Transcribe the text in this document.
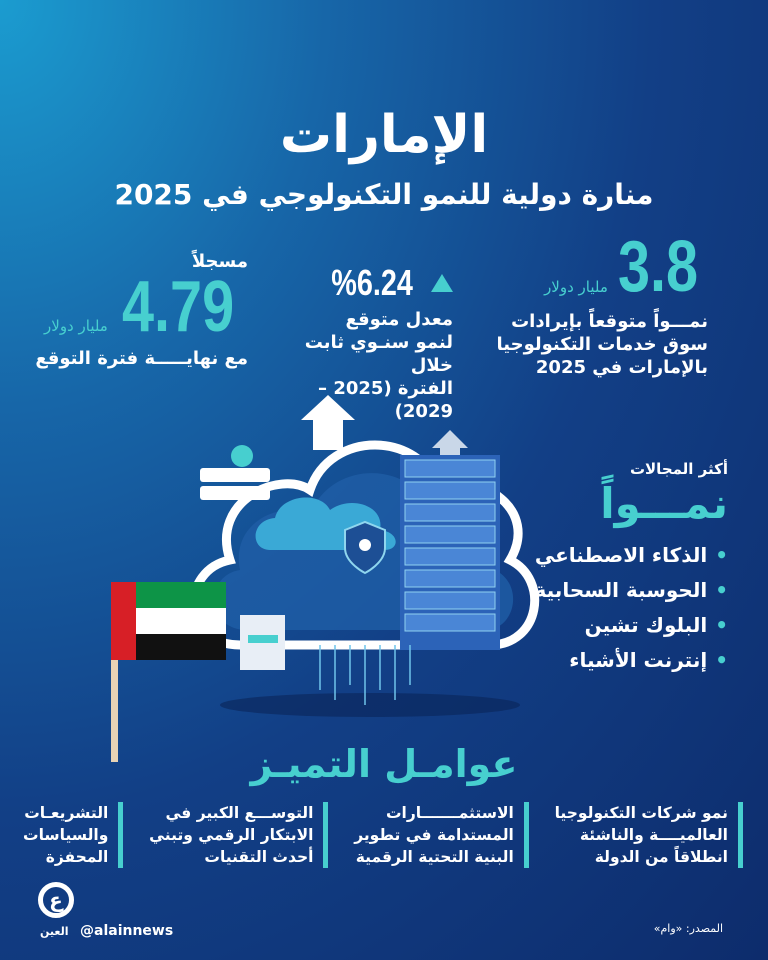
الإمارات
منارة دولية للنمو التكنولوجي في 2025
3.8
مليار دولار
نمـــواً متوقعاً بإيرادات
سوق خدمات التكنولوجيا
بالإمارات في 2025
%6.24
معدل متوقع
لنمو سنـوي ثابت خلال
الفترة (2025 – 2029)
مسجلاً
4.79
مليار دولار
مع نهايـــــة فترة التوقع
أكثر المجالات
نمـــواً
• الذكاء الاصطناعي
• الحوسبة السحابية
• البلوك تشين
• إنترنت الأشياء
عوامـل التميـز
نمو شركات التكنولوجيا
العالميــــة والناشئة
انطلاقاً من الدولة
الاستثمـــــــارات
المستدامة في تطوير
البنية التحتية الرقمية
التوســـع الكبير في
الابتكار الرقمي وتبني
أحدث التقنيات
التشريعـات
والسياسات
المحفزة
ع
العين @alainnews	المصدر: «وام»
